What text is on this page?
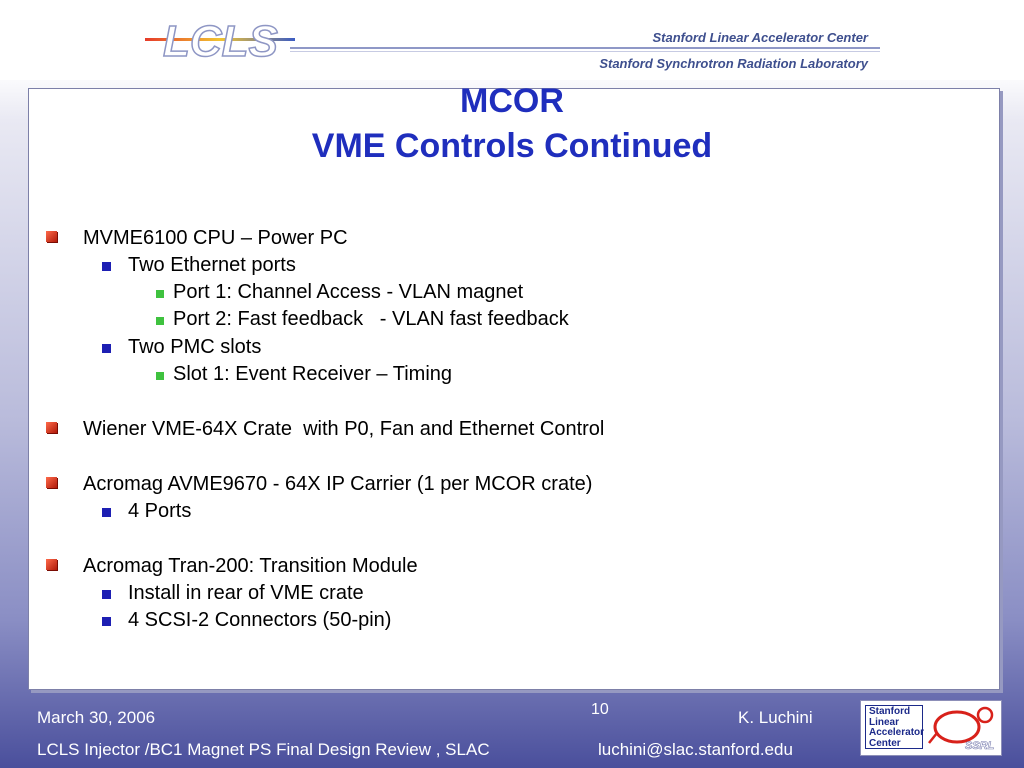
LCLS	Stanford Linear Accelerator Center
Stanford Synchrotron Radiation Laboratory
MCOR
VME Controls Continued
MVME6100 CPU – Power PC
Two Ethernet ports
Port 1: Channel Access - VLAN magnet
Port 2: Fast feedback   - VLAN fast feedback
Two PMC slots
Slot 1: Event Receiver – Timing
Wiener VME-64X Crate  with P0, Fan and Ethernet Control
Acromag AVME9670 - 64X IP Carrier (1 per MCOR crate)
4 Ports
Acromag Tran-200: Transition Module
Install in rear of VME crate
4 SCSI-2 Connectors (50-pin)
March 30, 2006	10	K. Luchini
LCLS Injector /BC1 Magnet PS Final Design Review , SLAC	luchini@slac.stanford.edu
Stanford
Linear
Accelerator
Center	SSRL
